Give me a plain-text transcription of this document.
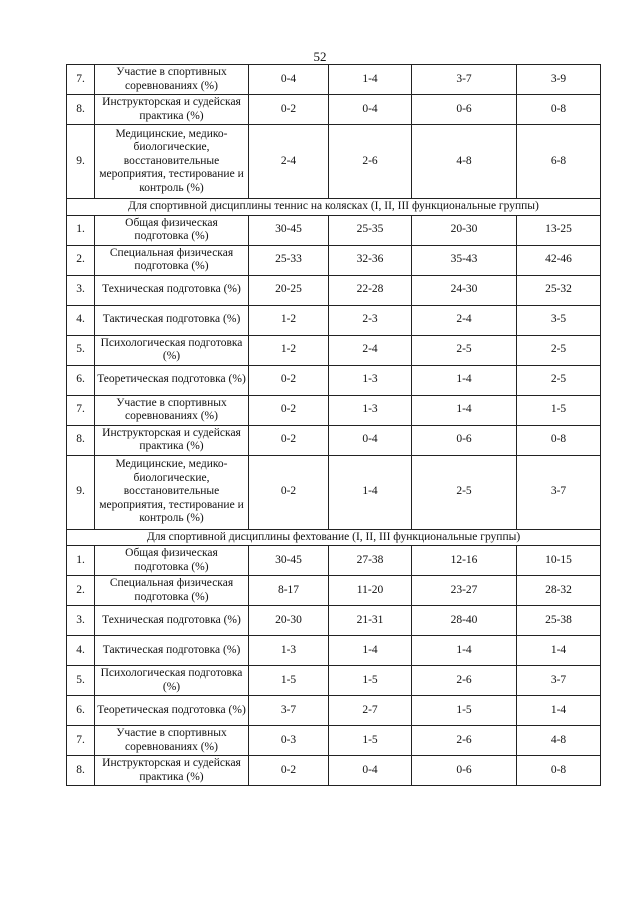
52
7.	Участие в спортивных соревнованиях (%)	0-4	1-4	3-7	3-9
8.	Инструкторская и судейская практика (%)	0-2	0-4	0-6	0-8
9.	Медицинские, медико-биологические, восстановительные мероприятия, тестирование и контроль (%)	2-4	2-6	4-8	6-8
Для спортивной дисциплины теннис на колясках (I, II, III функциональные группы)					
1.	Общая физическая подготовка (%)	30-45	25-35	20-30	13-25
2.	Специальная физическая подготовка (%)	25-33	32-36	35-43	42-46
3.	Техническая подготовка (%)	20-25	22-28	24-30	25-32
4.	Тактическая подготовка (%)	1-2	2-3	2-4	3-5
5.	Психологическая подготовка (%)	1-2	2-4	2-5	2-5
6.	Теоретическая подготовка (%)	0-2	1-3	1-4	2-5
7.	Участие в спортивных соревнованиях (%)	0-2	1-3	1-4	1-5
8.	Инструкторская и судейская практика (%)	0-2	0-4	0-6	0-8
9.	Медицинские, медико-биологические, восстановительные мероприятия, тестирование и контроль (%)	0-2	1-4	2-5	3-7
Для спортивной дисциплины фехтование (I, II, III функциональные группы)					
1.	Общая физическая подготовка (%)	30-45	27-38	12-16	10-15
2.	Специальная физическая подготовка (%)	8-17	11-20	23-27	28-32
3.	Техническая подготовка (%)	20-30	21-31	28-40	25-38
4.	Тактическая подготовка (%)	1-3	1-4	1-4	1-4
5.	Психологическая подготовка (%)	1-5	1-5	2-6	3-7
6.	Теоретическая подготовка (%)	3-7	2-7	1-5	1-4
7.	Участие в спортивных соревнованиях (%)	0-3	1-5	2-6	4-8
8.	Инструкторская и судейская практика (%)	0-2	0-4	0-6	0-8
